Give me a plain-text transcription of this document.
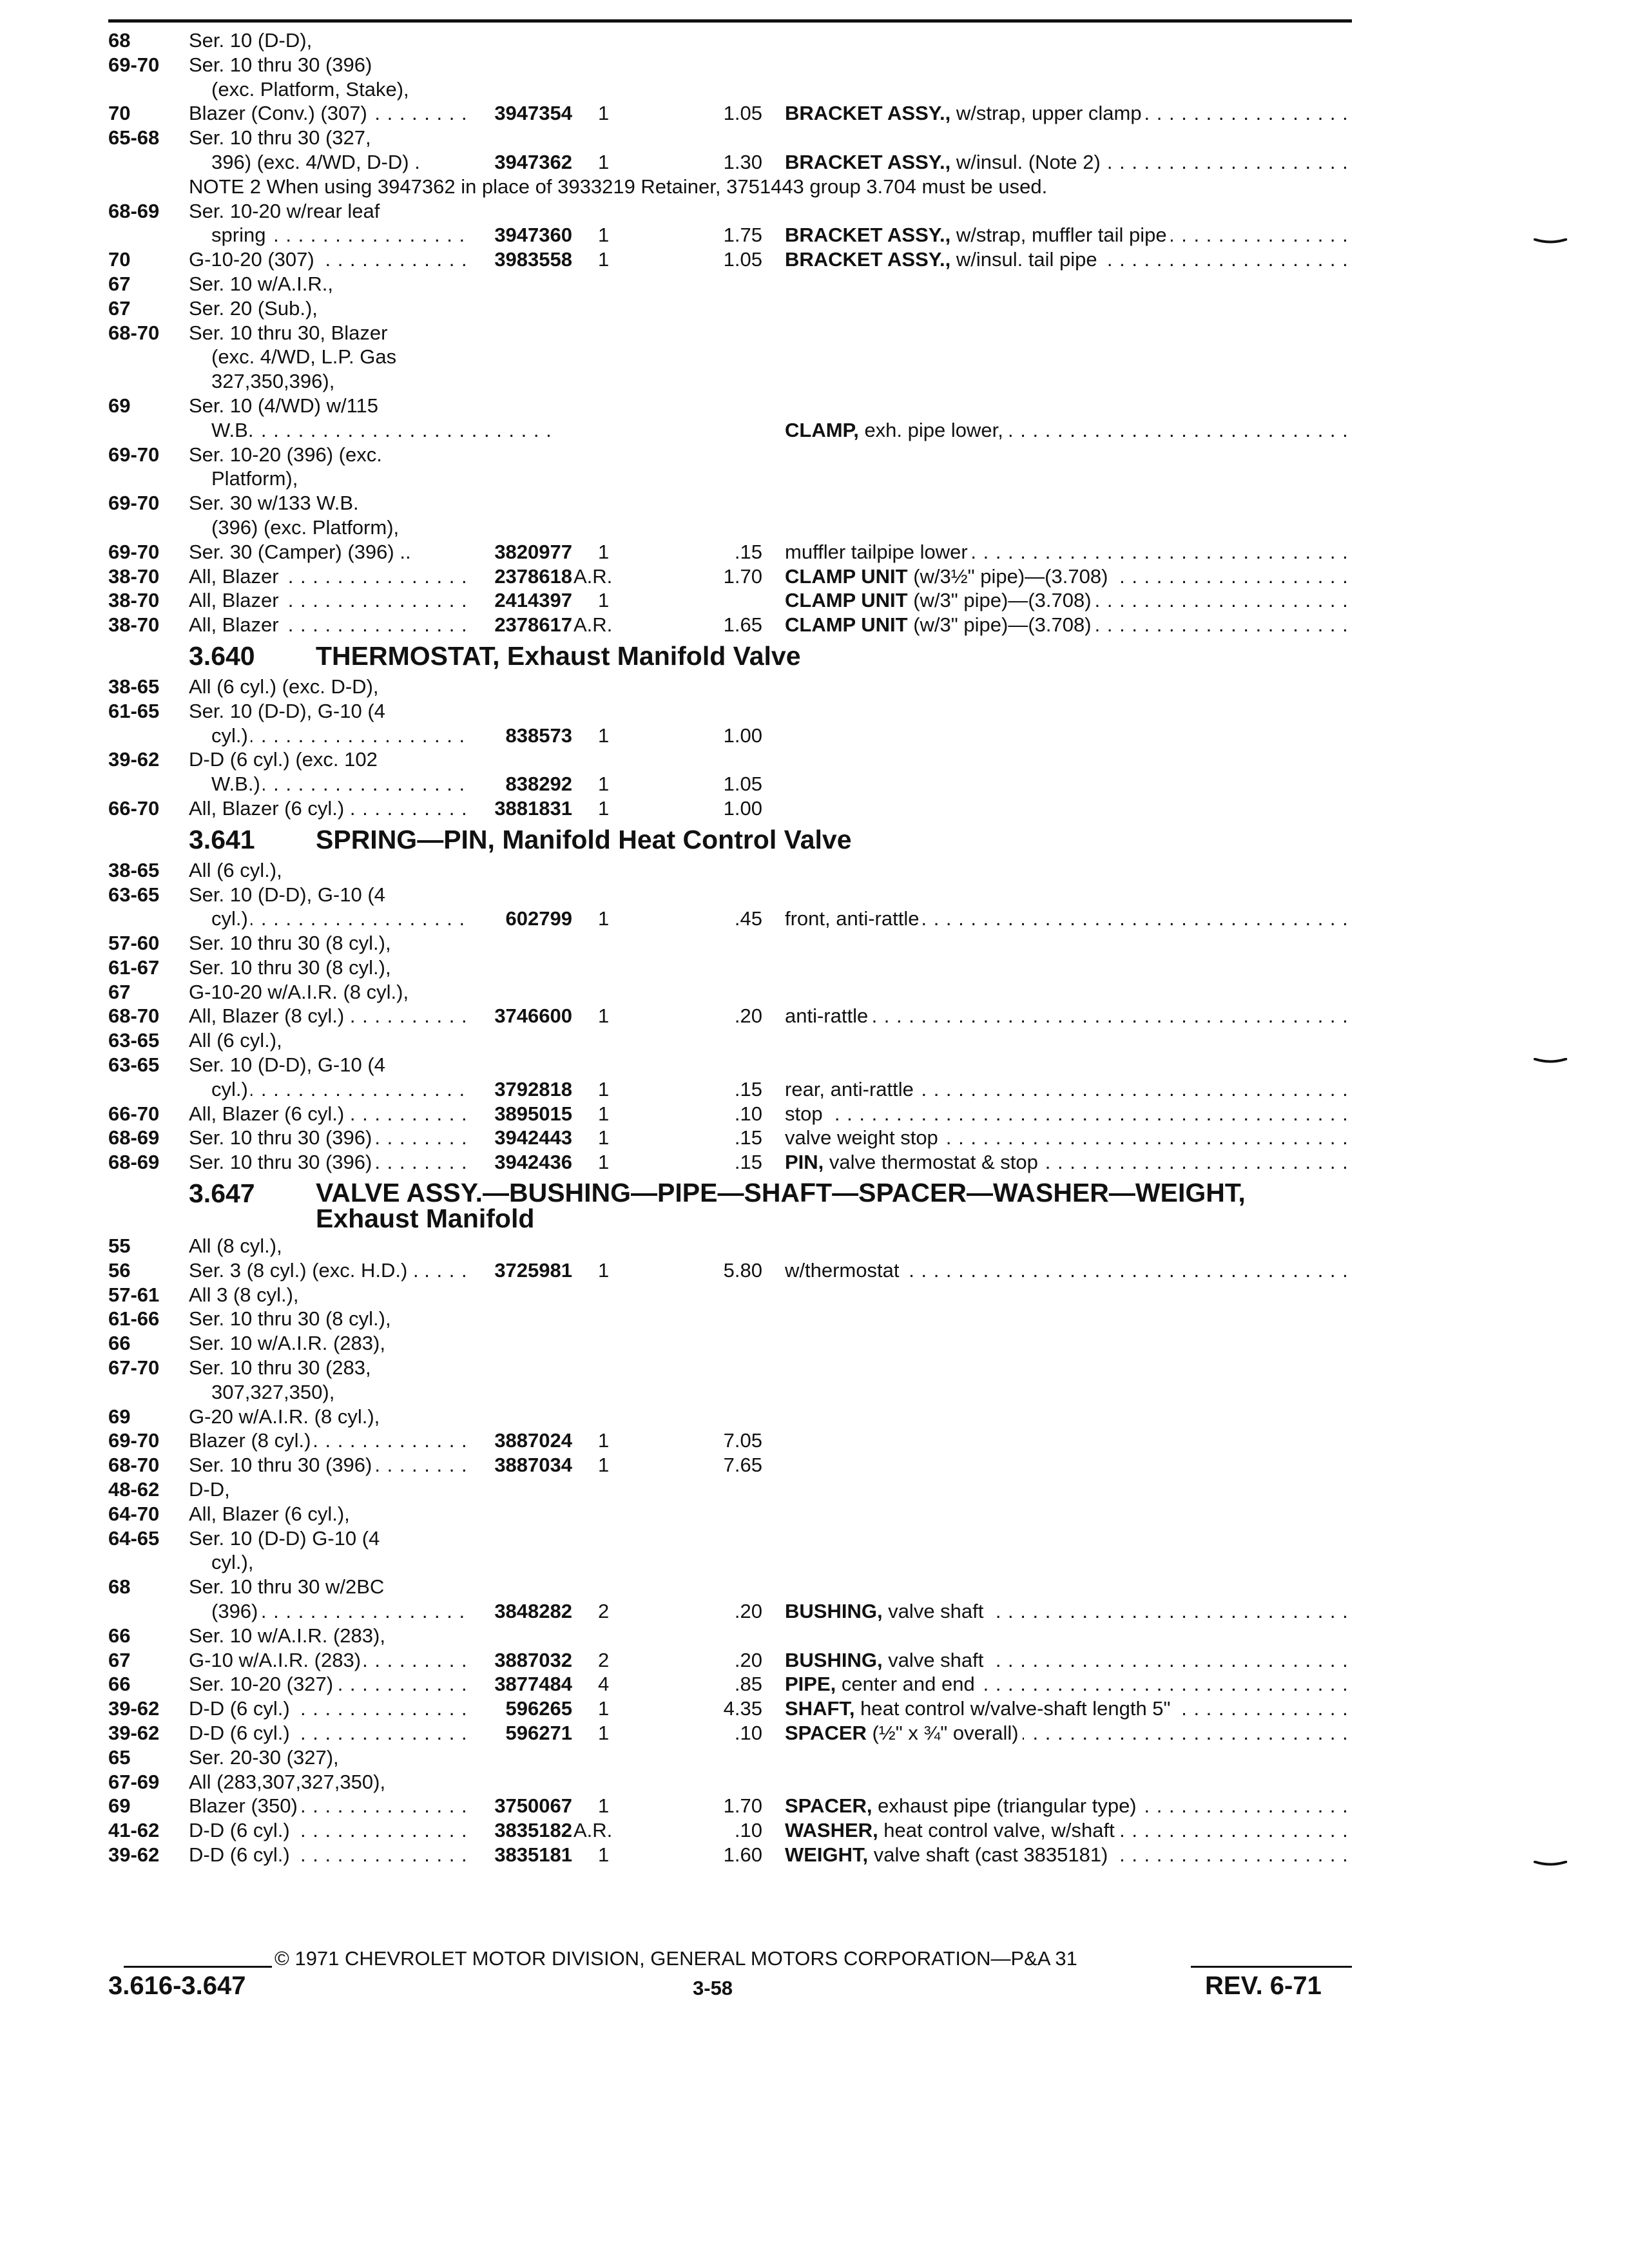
68	Ser. 10 (D-D),
69-70	Ser. 10 thru 30 (396)
(exc. Platform, Stake),
70	Blazer (Conv.) (307) . . .	3947354 1	1.05 BRACKET ASSY., w/strap, upper clamp . . .
65-68	Ser. 10 thru 30 (327,
396) (exc. 4/WD, D-D) .	3947362 1	1.30 BRACKET ASSY., w/insul. (Note 2) . . .
NOTE 2 When using 3947362 in place of 3933219 Retainer, 3751443 group 3.704 must be used.
68-69	Ser. 10-20 w/rear leaf
spring . . .	3947360 1	1.75 BRACKET ASSY., w/strap, muffler tail pipe . . .
70	G-10-20 (307) . . .	3983558 1	1.05 BRACKET ASSY., w/insul. tail pipe . . .
67	Ser. 10 w/A.I.R.,
67	Ser. 20 (Sub.),
68-70	Ser. 10 thru 30, Blazer
(exc. 4/WD, L.P. Gas
327,350,396),
69	Ser. 10 (4/WD) w/115
W.B. . . .	CLAMP, exh. pipe lower, . . .
69-70	Ser. 10-20 (396) (exc.
Platform),
69-70	Ser. 30 w/133 W.B.
(396) (exc. Platform),
69-70	Ser. 30 (Camper) (396) ..	3820977 1	.15 muffler tailpipe lower . . .
38-70	All, Blazer . . .	2378618 A.R.	1.70 CLAMP UNIT (w/3½" pipe)—(3.708) . . .
38-70	All, Blazer . . .	2414397 1	CLAMP UNIT (w/3" pipe)—(3.708) . . .
38-70	All, Blazer . . .	2378617 A.R.	1.65 CLAMP UNIT (w/3" pipe)—(3.708) . . .
3.640 THERMOSTAT, Exhaust Manifold Valve
38-65	All (6 cyl.) (exc. D-D),
61-65	Ser. 10 (D-D), G-10 (4
cyl.) . . .	838573 1	1.00
39-62	D-D (6 cyl.) (exc. 102
W.B.) . . .	838292 1	1.05
66-70	All, Blazer (6 cyl.) . . .	3881831 1	1.00
3.641 SPRING—PIN, Manifold Heat Control Valve
38-65	All (6 cyl.),
63-65	Ser. 10 (D-D), G-10 (4
cyl.) . . .	602799 1	.45 front, anti-rattle . . .
57-60	Ser. 10 thru 30 (8 cyl.),
61-67	Ser. 10 thru 30 (8 cyl.),
67	G-10-20 w/A.I.R. (8 cyl.),
68-70	All, Blazer (8 cyl.) . . .	3746600 1	.20 anti-rattle . . .
63-65	All (6 cyl.),
63-65	Ser. 10 (D-D), G-10 (4
cyl.) . . .	3792818 1	.15 rear, anti-rattle . . .
66-70	All, Blazer (6 cyl.) . . .	3895015 1	.10 stop . . .
68-69	Ser. 10 thru 30 (396) . . .	3942443 1	.15 valve weight stop . . .
68-69	Ser. 10 thru 30 (396) . . .	3942436 1	.15 PIN, valve thermostat & stop . . .
3.647 VALVE ASSY.—BUSHING—PIPE—SHAFT—SPACER—WASHER—WEIGHT,
Exhaust Manifold
55	All (8 cyl.),
56	Ser. 3 (8 cyl.) (exc. H.D.) . . . .	3725981 1	5.80 w/thermostat . . .
57-61	All 3 (8 cyl.),
61-66	Ser. 10 thru 30 (8 cyl.),
66	Ser. 10 w/A.I.R. (283),
67-70	Ser. 10 thru 30 (283,
307,327,350),
69	G-20 w/A.I.R. (8 cyl.),
69-70	Blazer (8 cyl.) . . .	3887024 1	7.05
68-70	Ser. 10 thru 30 (396) . . .	3887034 1	7.65
48-62	D-D,
64-70	All, Blazer (6 cyl.),
64-65	Ser. 10 (D-D) G-10 (4
cyl.),
68	Ser. 10 thru 30 w/2BC
(396) . . .	3848282 2	.20 BUSHING, valve shaft . . .
66	Ser. 10 w/A.I.R. (283),
67	G-10 w/A.I.R. (283) . . .	3887032 2	.20 BUSHING, valve shaft . . .
66	Ser. 10-20 (327) . . .	3877484 4	.85 PIPE, center and end . . .
39-62	D-D (6 cyl.) . . .	596265 1	4.35 SHAFT, heat control w/valve-shaft length 5" . . .
39-62	D-D (6 cyl.) . . .	596271 1	.10 SPACER (½" x ¾" overall) . . .
65	Ser. 20-30 (327),
67-69	All (283,307,327,350),
69	Blazer (350) . . .	3750067 1	1.70 SPACER, exhaust pipe (triangular type) . . .
41-62	D-D (6 cyl.) . . .	3835182 A.R.	.10 WASHER, heat control valve, w/shaft . . .
39-62	D-D (6 cyl.) . . .	3835181 1	1.60 WEIGHT, valve shaft (cast 3835181) . . .
© 1971 CHEVROLET MOTOR DIVISION, GENERAL MOTORS CORPORATION—P&A 31
3.616-3.647	3-58	REV. 6-71
